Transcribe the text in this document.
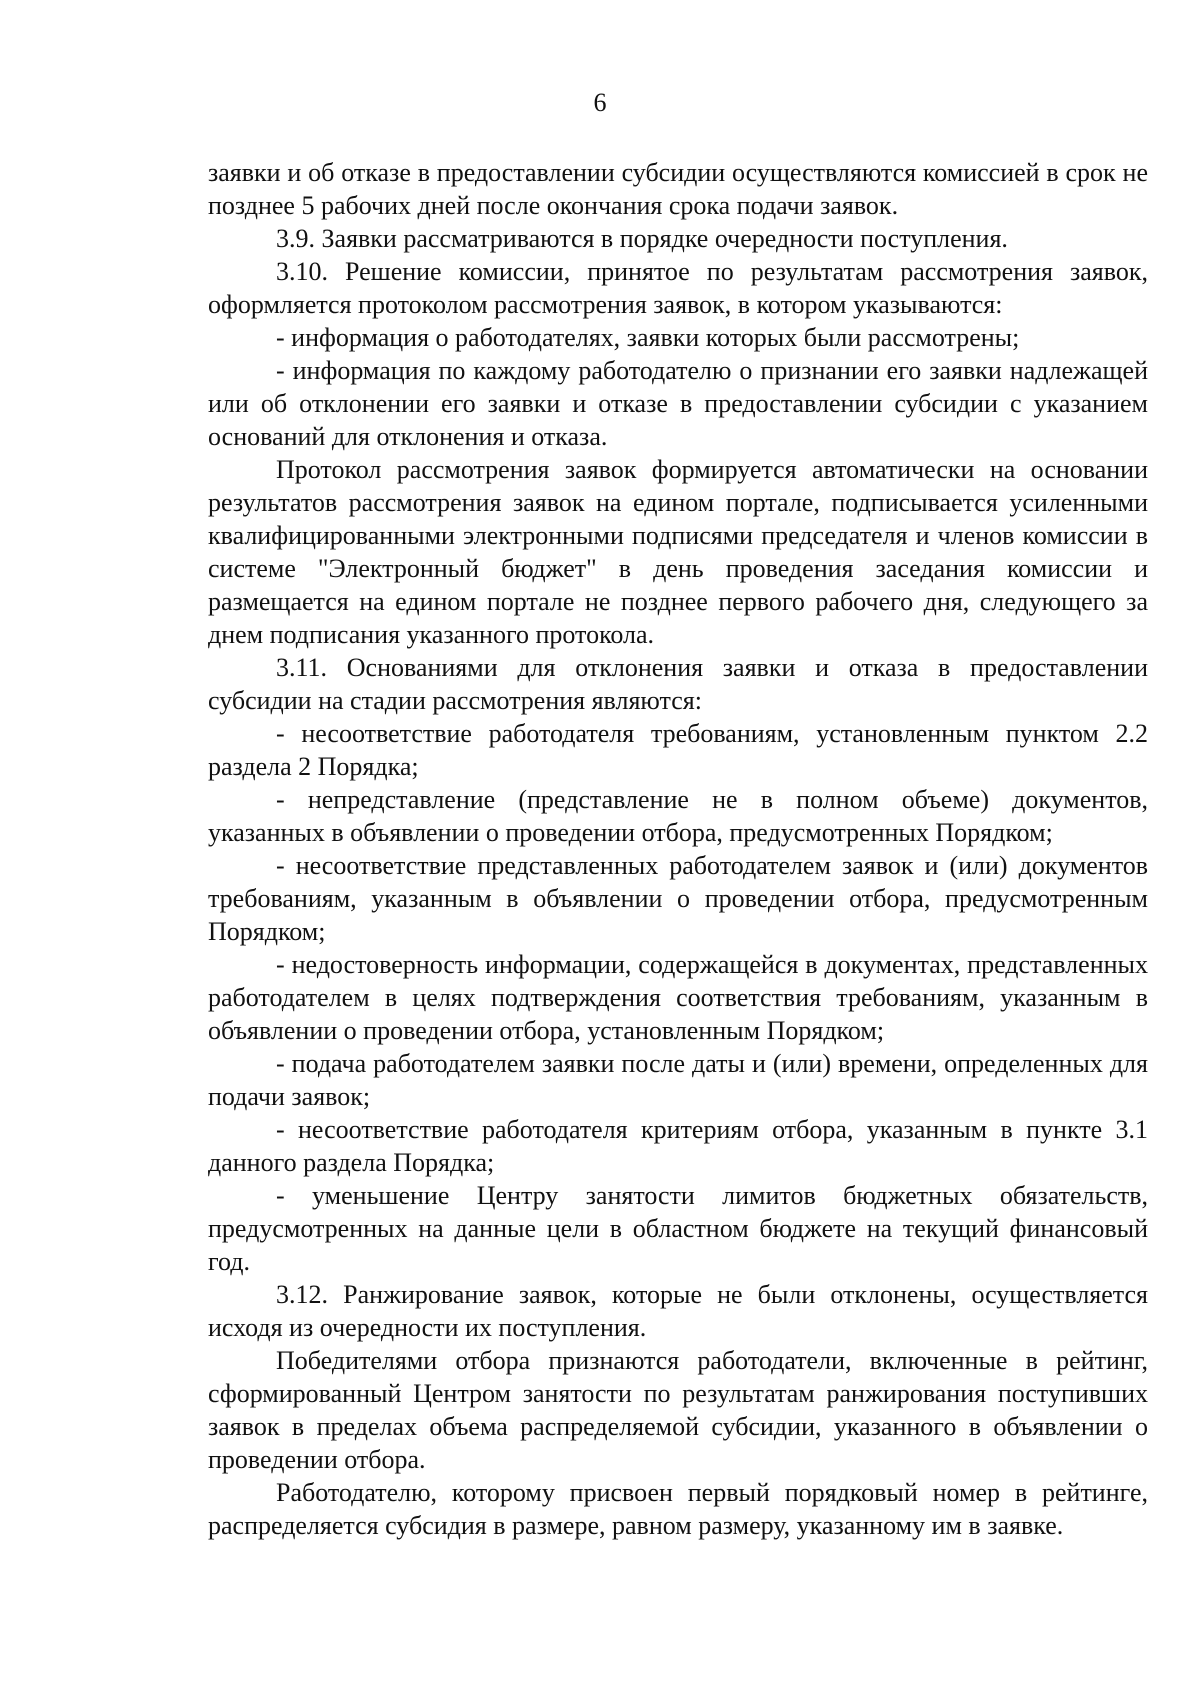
6

заявки и об отказе в предоставлении субсидии осуществляются комиссией в срок не позднее 5 рабочих дней после окончания срока подачи заявок.

3.9. Заявки рассматриваются в порядке очередности поступления.

3.10. Решение комиссии, принятое по результатам рассмотрения заявок, оформляется протоколом рассмотрения заявок, в котором указываются:

- информация о работодателях, заявки которых были рассмотрены;

- информация по каждому работодателю о признании его заявки надлежащей или об отклонении его заявки и отказе в предоставлении субсидии с указанием оснований для отклонения и отказа.

Протокол рассмотрения заявок формируется автоматически на основании результатов рассмотрения заявок на едином портале, подписывается усиленными квалифицированными электронными подписями председателя и членов комиссии в системе "Электронный бюджет" в день проведения заседания комиссии и размещается на едином портале не позднее первого рабочего дня, следующего за днем подписания указанного протокола.

3.11. Основаниями для отклонения заявки и отказа в предоставлении субсидии на стадии рассмотрения являются:

- несоответствие работодателя требованиям, установленным пунктом 2.2 раздела 2 Порядка;

- непредставление (представление не в полном объеме) документов, указанных в объявлении о проведении отбора, предусмотренных Порядком;

- несоответствие представленных работодателем заявок и (или) документов требованиям, указанным в объявлении о проведении отбора, предусмотренным Порядком;

- недостоверность информации, содержащейся в документах, представленных работодателем в целях подтверждения соответствия требованиям, указанным в объявлении о проведении отбора, установленным Порядком;

- подача работодателем заявки после даты и (или) времени, определенных для подачи заявок;

- несоответствие работодателя критериям отбора, указанным в пункте 3.1 данного раздела Порядка;

- уменьшение Центру занятости лимитов бюджетных обязательств, предусмотренных на данные цели в областном бюджете на текущий финансовый год.

3.12. Ранжирование заявок, которые не были отклонены, осуществляется исходя из очередности их поступления.

Победителями отбора признаются работодатели, включенные в рейтинг, сформированный Центром занятости по результатам ранжирования поступивших заявок в пределах объема распределяемой субсидии, указанного в объявлении о проведении отбора.

Работодателю, которому присвоен первый порядковый номер в рейтинге, распределяется субсидия в размере, равном размеру, указанному им в заявке.
